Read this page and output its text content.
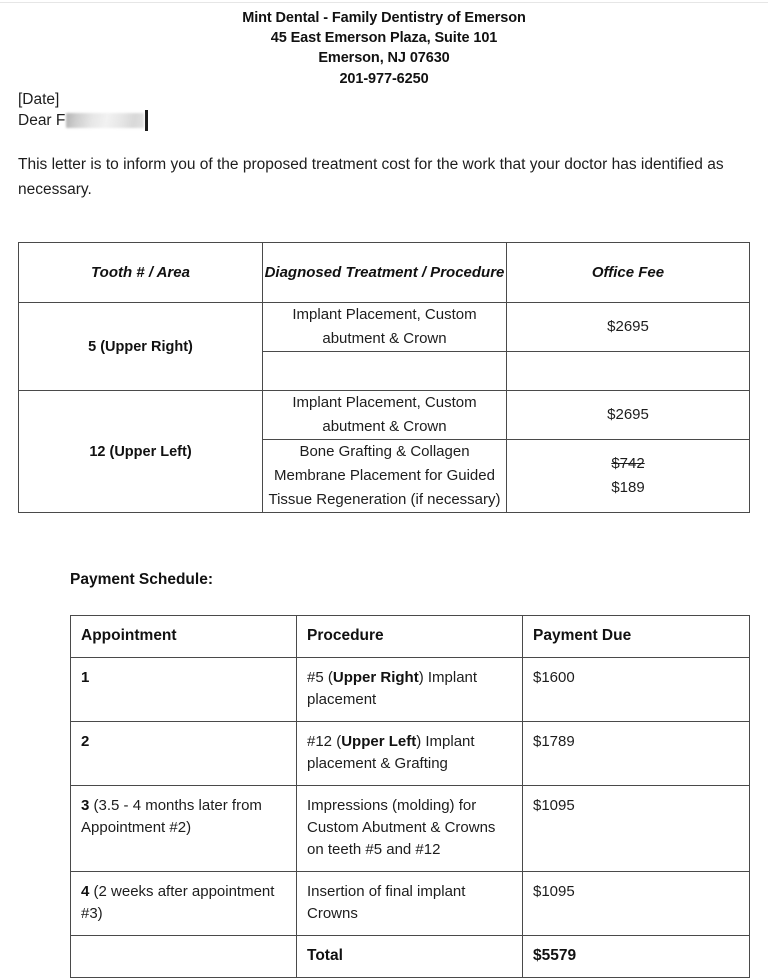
Mint Dental - Family Dentistry of Emerson
45 East Emerson Plaza, Suite 101
Emerson, NJ 07630
201-977-6250
[Date]
Dear F
This letter is to inform you of the proposed treatment cost for the work that your doctor has identified as necessary.
Tooth # / Area	Diagnosed Treatment / Procedure	Office Fee
5 (Upper Right)	Implant Placement, Custom abutment & Crown	$2695

12 (Upper Left)	Implant Placement, Custom abutment & Crown	$2695
	Bone Grafting & Collagen Membrane Placement for Guided Tissue Regeneration (if necessary)	$742
$189
Payment Schedule:
Appointment	Procedure	Payment Due
1	#5 (Upper Right) Implant placement	$1600
2	#12 (Upper Left) Implant placement & Grafting	$1789
3 (3.5 - 4 months later from Appointment #2)	Impressions (molding) for Custom Abutment & Crowns on teeth #5 and #12	$1095
4 (2 weeks after appointment #3)	Insertion of final implant Crowns	$1095
	Total	$5579
